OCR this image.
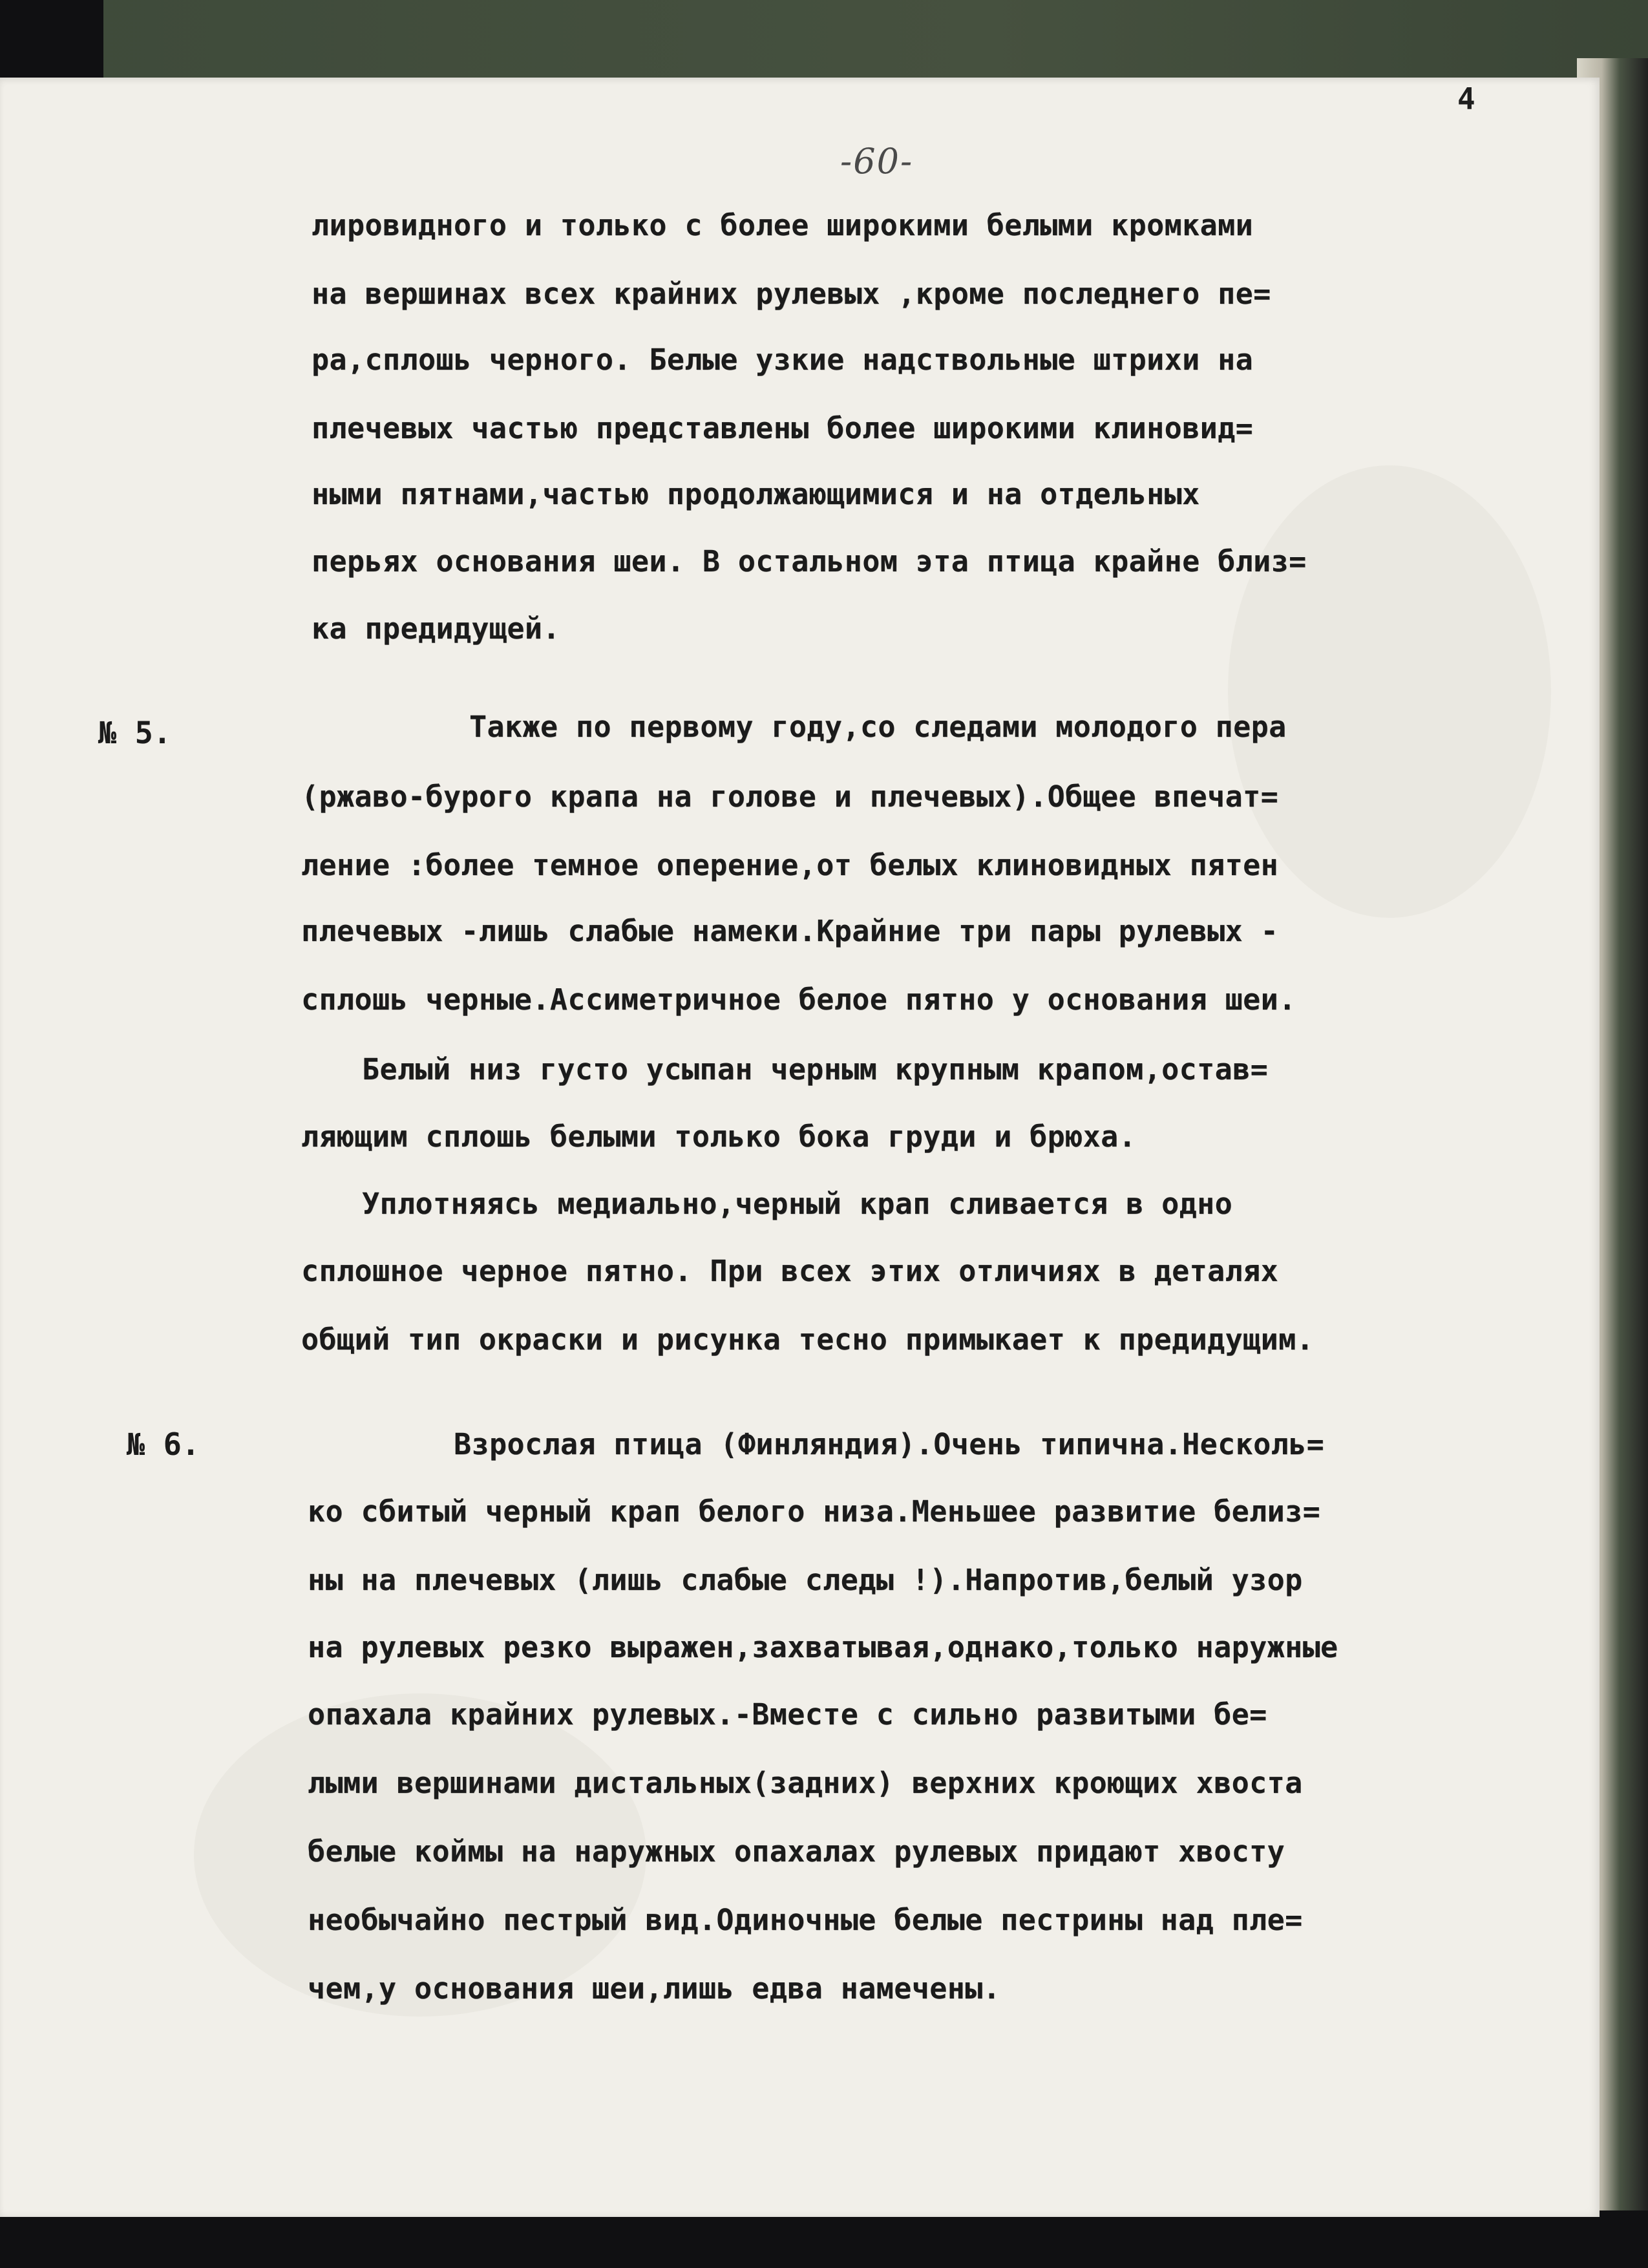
4
-60-
лировидного и только с более широкими белыми кромками
на вершинах всех крайних рулевых ,кроме последнего пе=
ра,сплошь черного. Белые узкие надствольные штрихи на
плечевых частью представлены более широкими клиновид=
ными пятнами,частью продолжающимися и на отдельных
перьях основания шеи. В остальном эта птица крайне близ=
ка предидущей.
№ 5.	Также по первому году,со следами молодого пера
(ржаво-бурого крапа на голове и плечевых).Общее впечат=
ление :более темное оперение,от белых клиновидных пятен
плечевых -лишь слабые намеки.Крайние три пары рулевых -
сплошь черные.Ассиметричное белое пятно у основания шеи.
Белый низ густо усыпан черным крупным крапом,остав=
ляющим сплошь белыми только бока груди и брюха.
Уплотняясь медиально,черный крап сливается в одно
сплошное черное пятно. При всех этих отличиях в деталях
общий тип окраски и рисунка тесно примыкает к предидущим.
№ 6.	Взрослая птица (Финляндия).Очень типична.Несколь=
ко сбитый черный крап белого низа.Меньшее развитие белиз=
ны на плечевых (лишь слабые следы !).Напротив,белый узор
на рулевых резко выражен,захватывая,однако,только наружные
опахала крайних рулевых.-Вместе с сильно развитыми бе=
лыми вершинами дистальных(задних) верхних кроющих хвоста
белые коймы на наружных опахалах рулевых придают хвосту
необычайно пестрый вид.Одиночные белые пестрины над пле=
чем,у основания шеи,лишь едва намечены.
